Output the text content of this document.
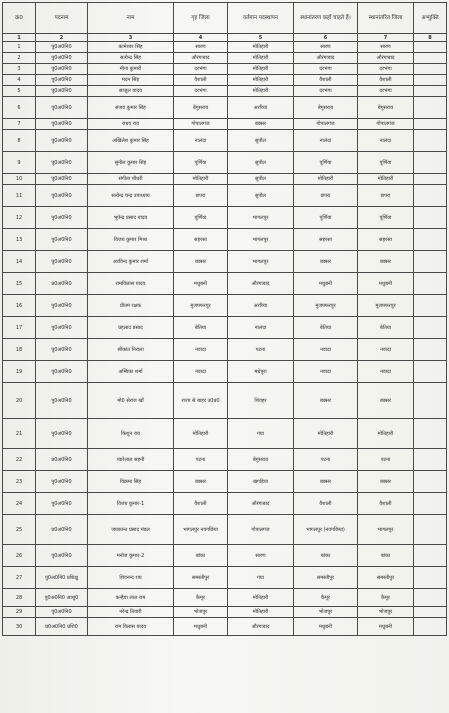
क्र0	पदनाम	नाम	गृह जिला	वर्तमान पदस्थापन	स्थानांतरण कहाँ चाहते हैं।	स्थानांतरित जिला	अभ्युक्ति
1	2	3	4	5	6	7	8
1	पु0अ0नि0	कामेश्वर सिंह	सारण	मोतिहारी	सारण	सारण	
2	पु0अ0नि0	सत्येन्द्र सिंह	औरंगाबाद	मोतिहारी	औरंगाबाद	औरंगाबाद	
3	पु0अ0नि0	मीना कुमारी	दरभंगा	मोतिहारी	दरभंगा	दरभंगा	
4	पु0अ0नि0	मदन सिंह	वैशाली	मोतिहारी	वैशाली	वैशाली	
5	पु0अ0नि0	साजुल यादव	दरभंगा	मोतिहारी	दरभंगा	दरभंगा	
6	पु0अ0नि0	संजय कुमार सिंह	बेगुसराय	अररिया	बेगुसराय	बेगुसराय	
7	पु0अ0नि0	राधव राय	गोपालगंज	बक्सर	गोपालगंज	गोपालगंज	
8	पु0अ0नि0	अखिलेश कुमार सिंह	नालंदा	सुपौल	नालंदा	नालंदा	
9	पु0अ0नि0	सुनील कुमार सिंह	पूर्णिया	सुपौल	पूर्णिया	पूर्णिया	
10	पु0अ0नि0	संगीता चौधरी	मोतिहारी	सुपौल	मोतिहारी	मोतिहारी	
11	पु0अ0नि0	सत्येन्द्र चन्द्र उपाध्याय	छपरा	सुपौल	छपरा	छपरा	
12	पु0अ0नि0	भूपेन्द्र प्रसाद यादव	पूर्णिया	भागलपुर	पूर्णिया	पूर्णिया	
13	पु0अ0नि0	विजय कुमार मिश्रा	सहरसा	भागलपुर	सहरसा	सहरसा	
14	पु0अ0नि0	अरविन्द कुमार शर्मा	बक्सर	भागलपुर	बक्सर	बक्सर	
15	प्र0अ0नि0	रामविलास यादव	मधुबनी	औरंगाबाद	मधुबनी	मधुबनी	
16	पु0अ0नि0	प्रीतम रक्षक	मुजफ्फरपुर	अररिया	मुजफ्फरपुर	मुजफ्फरपुर	
17	पु0अ0नि0	प्रहलाद प्रसाद	बेतिया	नालंदा	बेतिया	बेतिया	
18	पु0अ0नि0	श्रीकांत निराला	नवादा	पटना	नवादा	नवादा	
19	पु0अ0नि0	अम्बिका शर्मा	नवादा	मधेपुरा	नवादा	नवादा	
20	पु0अ0नि0	मो0 सेराज खॉं	राज्य से बाहर उ0प्र0	शिवहर	बक्सर	बक्सर	
21	पु0अ0नि0	किशुन राय	मोतिहारी	गया	मोतिहारी	मोतिहारी	
22	प्र0अ0नि0	प्यारेलाल सहनी	पटना	बेगुसराय	पटना	पटना	
23	पु0अ0नि0	विक्रमा सिंह	बक्सर	खगड़िया	बक्सर	बक्सर	
24	पु0अ0नि0	विजय कुमार-1	वैशाली	औरंगाबाद	वैशाली	वैशाली	
25	प्र0अ0नि0	जयकान्त प्रसाद मंडल	भागलपुर नवगछिया	गोपालगंज	भागलपुर (नवगछिया)	भागलपुर	
26	पु0अ0नि0	मनोज कुमार-2	बांका	सारण	बांका	बांका	
27	पु0अ0नि0 प्रशिक्षु	शिवनन्द राय	समस्तीपुर	गया	समस्तीपुर	समस्तीपुर	
28	पु0अ0नि0 आशु0	कन्हैया लाल राम	कैमूर	मोतिहारी	कैमूर	कैमूर	
29	पु0अ0नि0	नरेन्द्र तिवारी	भोजपुर	मोतिहारी	भोजपुर	भोजपुर	
30	प्र0अ0नि0 प्रशि0	राम विलास यादव	मधुबनी	औरंगाबाद	मधुबनी	मधुबनी	
